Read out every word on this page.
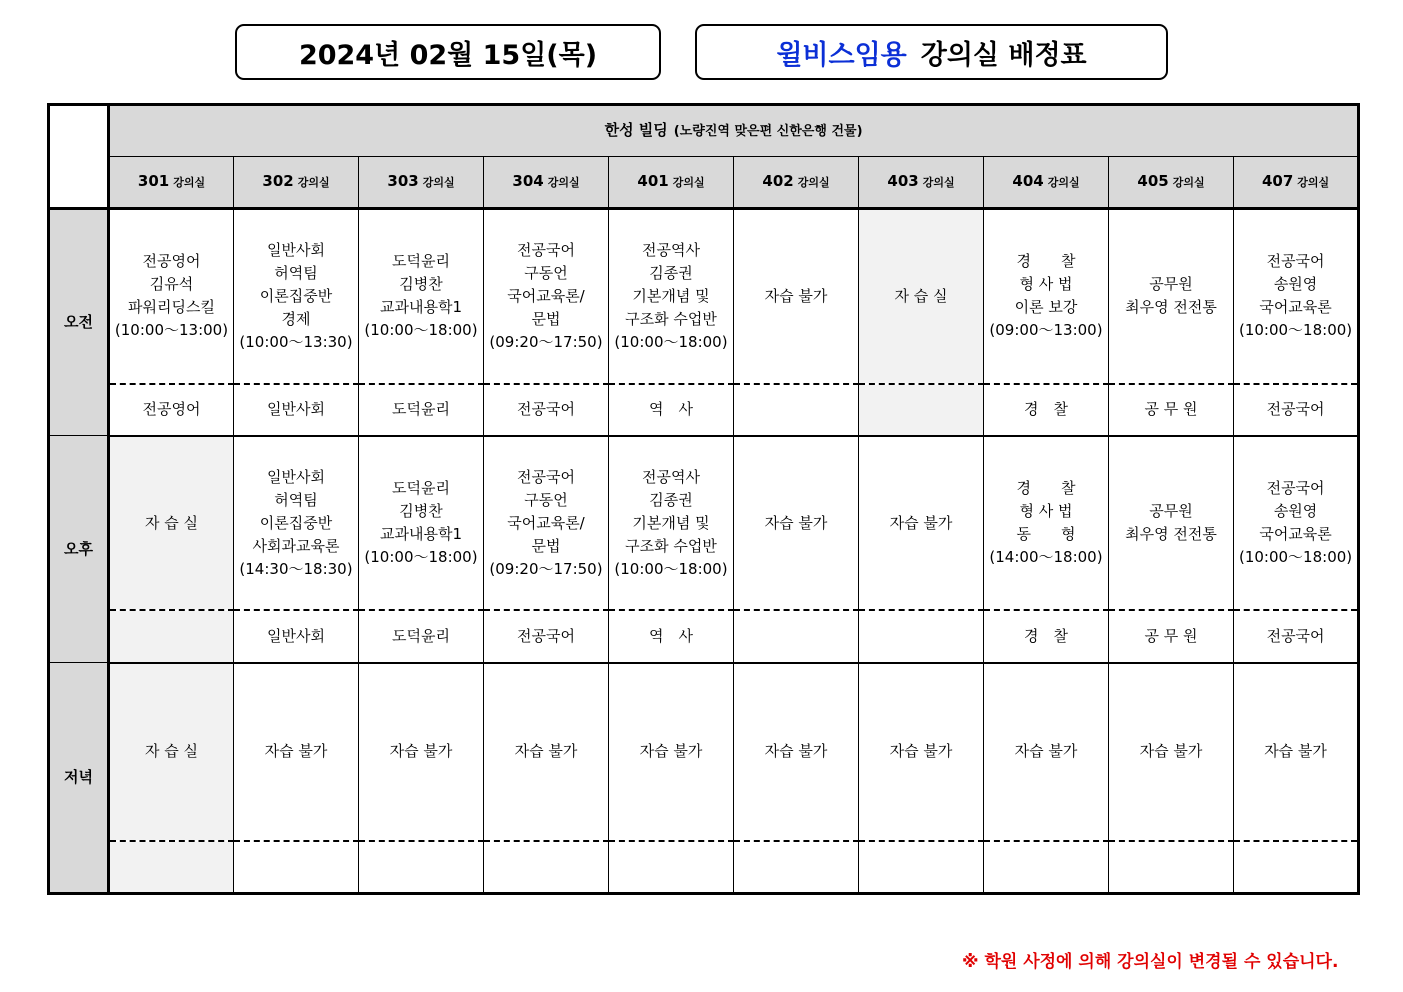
2024년 02월 15일(목)	윌비스임용 강의실 배정표
	한성 빌딩 (노량진역 맞은편 신한은행 건물)									
	301 강의실	302 강의실	303 강의실	304 강의실	401 강의실	402 강의실	403 강의실	404 강의실	405 강의실	407 강의실
오전	전공영어
김유석
파워리딩스킬
(10:00～13:00)	일반사회
허역팀
이론집중반
경제
(10:00～13:30)	도덕윤리
김병찬
교과내용학1
(10:00～18:00)	전공국어
구동언
국어교육론/
문법
(09:20～17:50)	전공역사
김종권
기본개념 및
구조화 수업반
(10:00～18:00)	자습 불가	자 습 실	경　　찰
형 사 법
이론 보강
(09:00～13:00)	공무원
최우영 전전통	전공국어
송원영
국어교육론
(10:00～18:00)

	전공영어	일반사회	도덕윤리	전공국어	역　사			경　찰	공 무 원	전공국어
오후	자 습 실	일반사회
허역팀
이론집중반
사회과교육론
(14:30～18:30)	도덕윤리
김병찬
교과내용학1
(10:00～18:00)	전공국어
구동언
국어교육론/
문법
(09:20～17:50)	전공역사
김종권
기본개념 및
구조화 수업반
(10:00～18:00)	자습 불가	자습 불가	경　　찰
형 사 법
동　　형
(14:00～18:00)	공무원
최우영 전전통	전공국어
송원영
국어교육론
(10:00～18:00)

		일반사회	도덕윤리	전공국어	역　사			경　찰	공 무 원	전공국어
저녁	자 습 실	자습 불가	자습 불가	자습 불가	자습 불가	자습 불가	자습 불가	자습 불가	자습 불가	자습 불가

※ 학원 사정에 의해 강의실이 변경될 수 있습니다.
